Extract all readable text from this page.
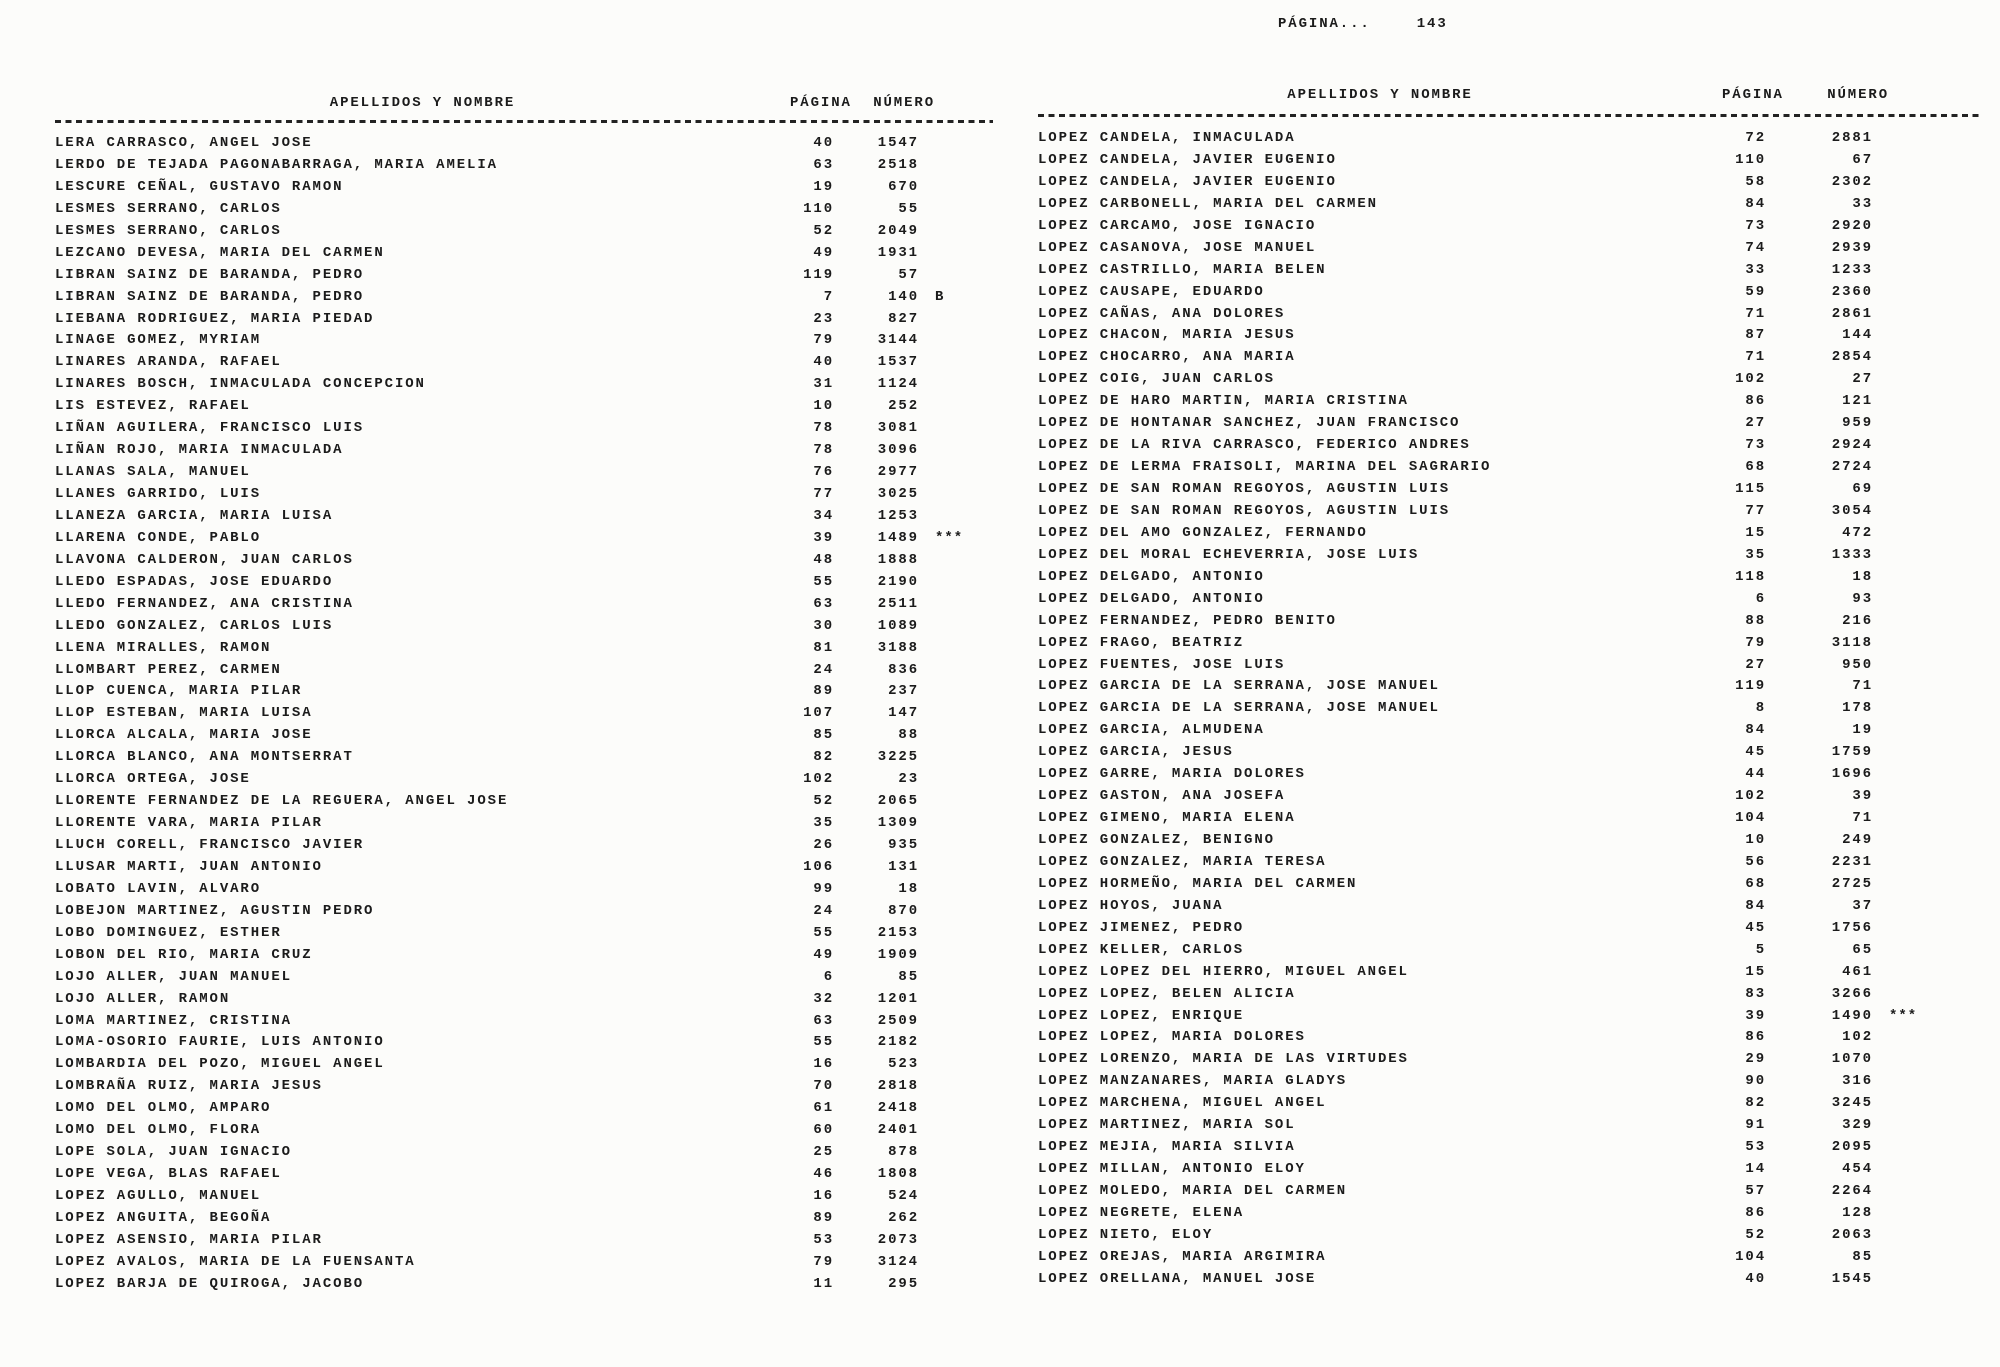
PÁGINA...	143
APELLIDOS Y NOMBRE	PÁGINA	NÚMERO
LERA CARRASCO, ANGEL JOSE	40	1547
LERDO DE TEJADA PAGONABARRAGA, MARIA AMELIA	63	2518
LESCURE CEÑAL, GUSTAVO RAMON	19	670
LESMES SERRANO, CARLOS	110	55
LESMES SERRANO, CARLOS	52	2049
LEZCANO DEVESA, MARIA DEL CARMEN	49	1931
LIBRAN SAINZ DE BARANDA, PEDRO	119	57
LIBRAN SAINZ DE BARANDA, PEDRO	7	140	B
LIEBANA RODRIGUEZ, MARIA PIEDAD	23	827
LINAGE GOMEZ, MYRIAM	79	3144
LINARES ARANDA, RAFAEL	40	1537
LINARES BOSCH, INMACULADA CONCEPCION	31	1124
LIS ESTEVEZ, RAFAEL	10	252
LIÑAN AGUILERA, FRANCISCO LUIS	78	3081
LIÑAN ROJO, MARIA INMACULADA	78	3096
LLANAS SALA, MANUEL	76	2977
LLANES GARRIDO, LUIS	77	3025
LLANEZA GARCIA, MARIA LUISA	34	1253
LLARENA CONDE, PABLO	39	1489	***
LLAVONA CALDERON, JUAN CARLOS	48	1888
LLEDO ESPADAS, JOSE EDUARDO	55	2190
LLEDO FERNANDEZ, ANA CRISTINA	63	2511
LLEDO GONZALEZ, CARLOS LUIS	30	1089
LLENA MIRALLES, RAMON	81	3188
LLOMBART PEREZ, CARMEN	24	836
LLOP CUENCA, MARIA PILAR	89	237
LLOP ESTEBAN, MARIA LUISA	107	147
LLORCA ALCALA, MARIA JOSE	85	88
LLORCA BLANCO, ANA MONTSERRAT	82	3225
LLORCA ORTEGA, JOSE	102	23
LLORENTE FERNANDEZ DE LA REGUERA, ANGEL JOSE	52	2065
LLORENTE VARA, MARIA PILAR	35	1309
LLUCH CORELL, FRANCISCO JAVIER	26	935
LLUSAR MARTI, JUAN ANTONIO	106	131
LOBATO LAVIN, ALVARO	99	18
LOBEJON MARTINEZ, AGUSTIN PEDRO	24	870
LOBO DOMINGUEZ, ESTHER	55	2153
LOBON DEL RIO, MARIA CRUZ	49	1909
LOJO ALLER, JUAN MANUEL	6	85
LOJO ALLER, RAMON	32	1201
LOMA MARTINEZ, CRISTINA	63	2509
LOMA-OSORIO FAURIE, LUIS ANTONIO	55	2182
LOMBARDIA DEL POZO, MIGUEL ANGEL	16	523
LOMBRAÑA RUIZ, MARIA JESUS	70	2818
LOMO DEL OLMO, AMPARO	61	2418
LOMO DEL OLMO, FLORA	60	2401
LOPE SOLA, JUAN IGNACIO	25	878
LOPE VEGA, BLAS RAFAEL	46	1808
LOPEZ AGULLO, MANUEL	16	524
LOPEZ ANGUITA, BEGOÑA	89	262
LOPEZ ASENSIO, MARIA PILAR	53	2073
LOPEZ AVALOS, MARIA DE LA FUENSANTA	79	3124
LOPEZ BARJA DE QUIROGA, JACOBO	11	295
APELLIDOS Y NOMBRE	PÁGINA	NÚMERO
LOPEZ CANDELA, INMACULADA	72	2881
LOPEZ CANDELA, JAVIER EUGENIO	110	67
LOPEZ CANDELA, JAVIER EUGENIO	58	2302
LOPEZ CARBONELL, MARIA DEL CARMEN	84	33
LOPEZ CARCAMO, JOSE IGNACIO	73	2920
LOPEZ CASANOVA, JOSE MANUEL	74	2939
LOPEZ CASTRILLO, MARIA BELEN	33	1233
LOPEZ CAUSAPE, EDUARDO	59	2360
LOPEZ CAÑAS, ANA DOLORES	71	2861
LOPEZ CHACON, MARIA JESUS	87	144
LOPEZ CHOCARRO, ANA MARIA	71	2854
LOPEZ COIG, JUAN CARLOS	102	27
LOPEZ DE HARO MARTIN, MARIA CRISTINA	86	121
LOPEZ DE HONTANAR SANCHEZ, JUAN FRANCISCO	27	959
LOPEZ DE LA RIVA CARRASCO, FEDERICO ANDRES	73	2924
LOPEZ DE LERMA FRAISOLI, MARINA DEL SAGRARIO	68	2724
LOPEZ DE SAN ROMAN REGOYOS, AGUSTIN LUIS	115	69
LOPEZ DE SAN ROMAN REGOYOS, AGUSTIN LUIS	77	3054
LOPEZ DEL AMO GONZALEZ, FERNANDO	15	472
LOPEZ DEL MORAL ECHEVERRIA, JOSE LUIS	35	1333
LOPEZ DELGADO, ANTONIO	118	18
LOPEZ DELGADO, ANTONIO	6	93
LOPEZ FERNANDEZ, PEDRO BENITO	88	216
LOPEZ FRAGO, BEATRIZ	79	3118
LOPEZ FUENTES, JOSE LUIS	27	950
LOPEZ GARCIA DE LA SERRANA, JOSE MANUEL	119	71
LOPEZ GARCIA DE LA SERRANA, JOSE MANUEL	8	178
LOPEZ GARCIA, ALMUDENA	84	19
LOPEZ GARCIA, JESUS	45	1759
LOPEZ GARRE, MARIA DOLORES	44	1696
LOPEZ GASTON, ANA JOSEFA	102	39
LOPEZ GIMENO, MARIA ELENA	104	71
LOPEZ GONZALEZ, BENIGNO	10	249
LOPEZ GONZALEZ, MARIA TERESA	56	2231
LOPEZ HORMEÑO, MARIA DEL CARMEN	68	2725
LOPEZ HOYOS, JUANA	84	37
LOPEZ JIMENEZ, PEDRO	45	1756
LOPEZ KELLER, CARLOS	5	65
LOPEZ LOPEZ DEL HIERRO, MIGUEL ANGEL	15	461
LOPEZ LOPEZ, BELEN ALICIA	83	3266
LOPEZ LOPEZ, ENRIQUE	39	1490	***
LOPEZ LOPEZ, MARIA DOLORES	86	102
LOPEZ LORENZO, MARIA DE LAS VIRTUDES	29	1070
LOPEZ MANZANARES, MARIA GLADYS	90	316
LOPEZ MARCHENA, MIGUEL ANGEL	82	3245
LOPEZ MARTINEZ, MARIA SOL	91	329
LOPEZ MEJIA, MARIA SILVIA	53	2095
LOPEZ MILLAN, ANTONIO ELOY	14	454
LOPEZ MOLEDO, MARIA DEL CARMEN	57	2264
LOPEZ NEGRETE, ELENA	86	128
LOPEZ NIETO, ELOY	52	2063
LOPEZ OREJAS, MARIA ARGIMIRA	104	85
LOPEZ ORELLANA, MANUEL JOSE	40	1545
